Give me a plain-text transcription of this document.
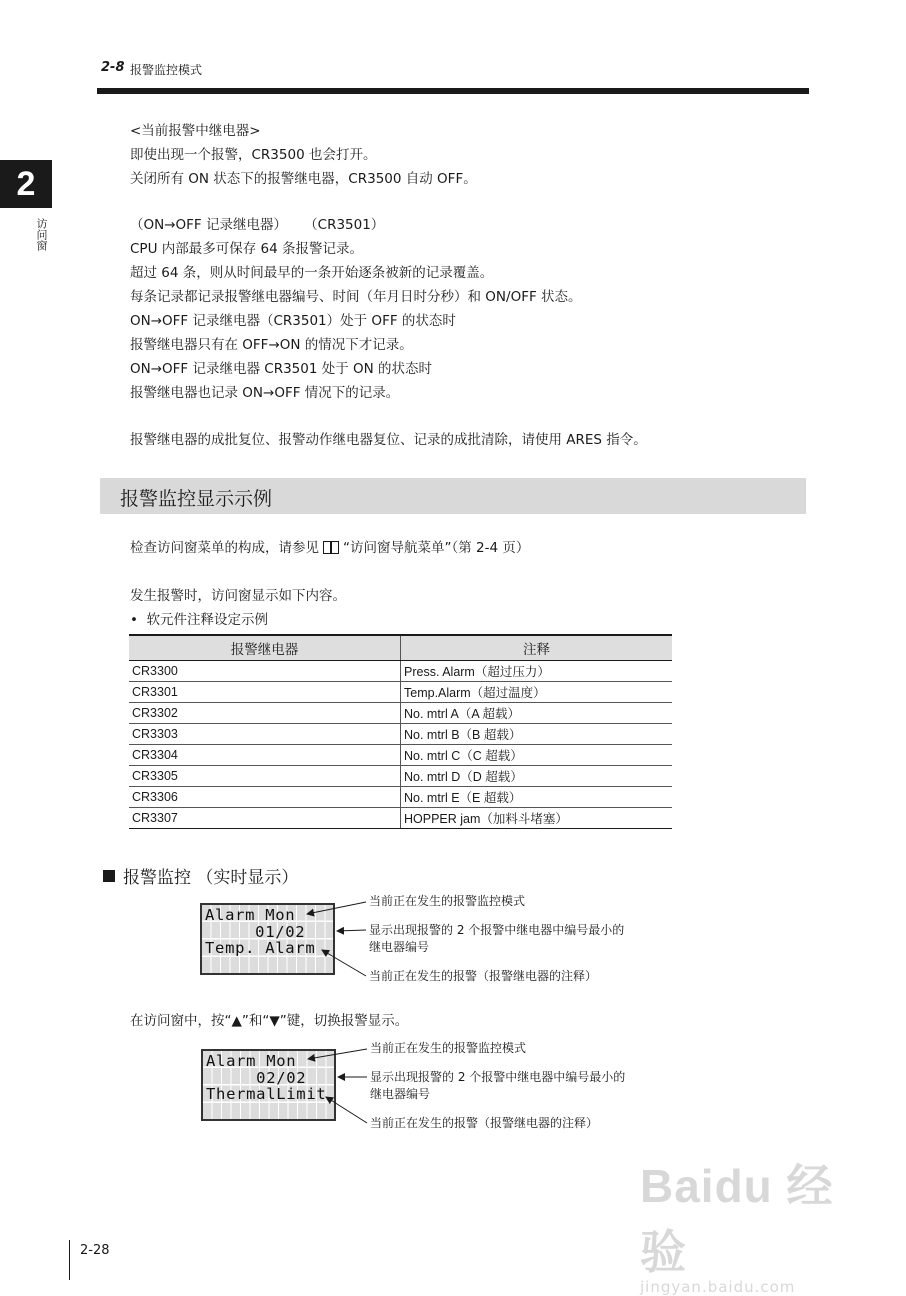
2-8 报警监控模式
2
访问窗
<当前报警中继电器>
即使出现一个报警，CR3500 也会打开。
关闭所有 ON 状态下的报警继电器，CR3500 自动 OFF。
（ON→OFF 记录继电器）    （CR3501）
CPU 内部最多可保存 64 条报警记录。
超过 64 条，则从时间最早的一条开始逐条被新的记录覆盖。
每条记录都记录报警继电器编号、时间（年月日时分秒）和 ON/OFF 状态。
ON→OFF 记录继电器（CR3501）处于 OFF 的状态时
报警继电器只有在 OFF→ON 的情况下才记录。
ON→OFF 记录继电器 CR3501 处于 ON 的状态时
报警继电器也记录 ON→OFF 情况下的记录。
报警继电器的成批复位、报警动作继电器复位、记录的成批清除，请使用 ARES 指令。
报警监控显示示例
检查访问窗菜单的构成，请参见 “访问窗导航菜单”（第 2-4 页）
发生报警时，访问窗显示如下内容。
• 软元件注释设定示例
报警继电器	注释
CR3300	Press. Alarm（超过压力）
CR3301	Temp.Alarm（超过温度）
CR3302	No. mtrl A（A 超载）
CR3303	No. mtrl B（B 超载）
CR3304	No. mtrl C（C 超载）
CR3305	No. mtrl D（D 超载）
CR3306	No. mtrl E（E 超载）
CR3307	HOPPER jam（加料斗堵塞）
报警监控 （实时显示）
Alarm Mon
01/02
Temp. Alarm
当前正在发生的报警监控模式
显示出现报警的 2 个报警中继电器中编号最小的
继电器编号
当前正在发生的报警（报警继电器的注释）
在访问窗中，按“▲”和“▼”键，切换报警显示。
Alarm Mon
02/02
ThermalLimit
当前正在发生的报警监控模式
显示出现报警的 2 个报警中继电器中编号最小的
继电器编号
当前正在发生的报警（报警继电器的注释）
2-28
Baidu 经验
jingyan.baidu.com
